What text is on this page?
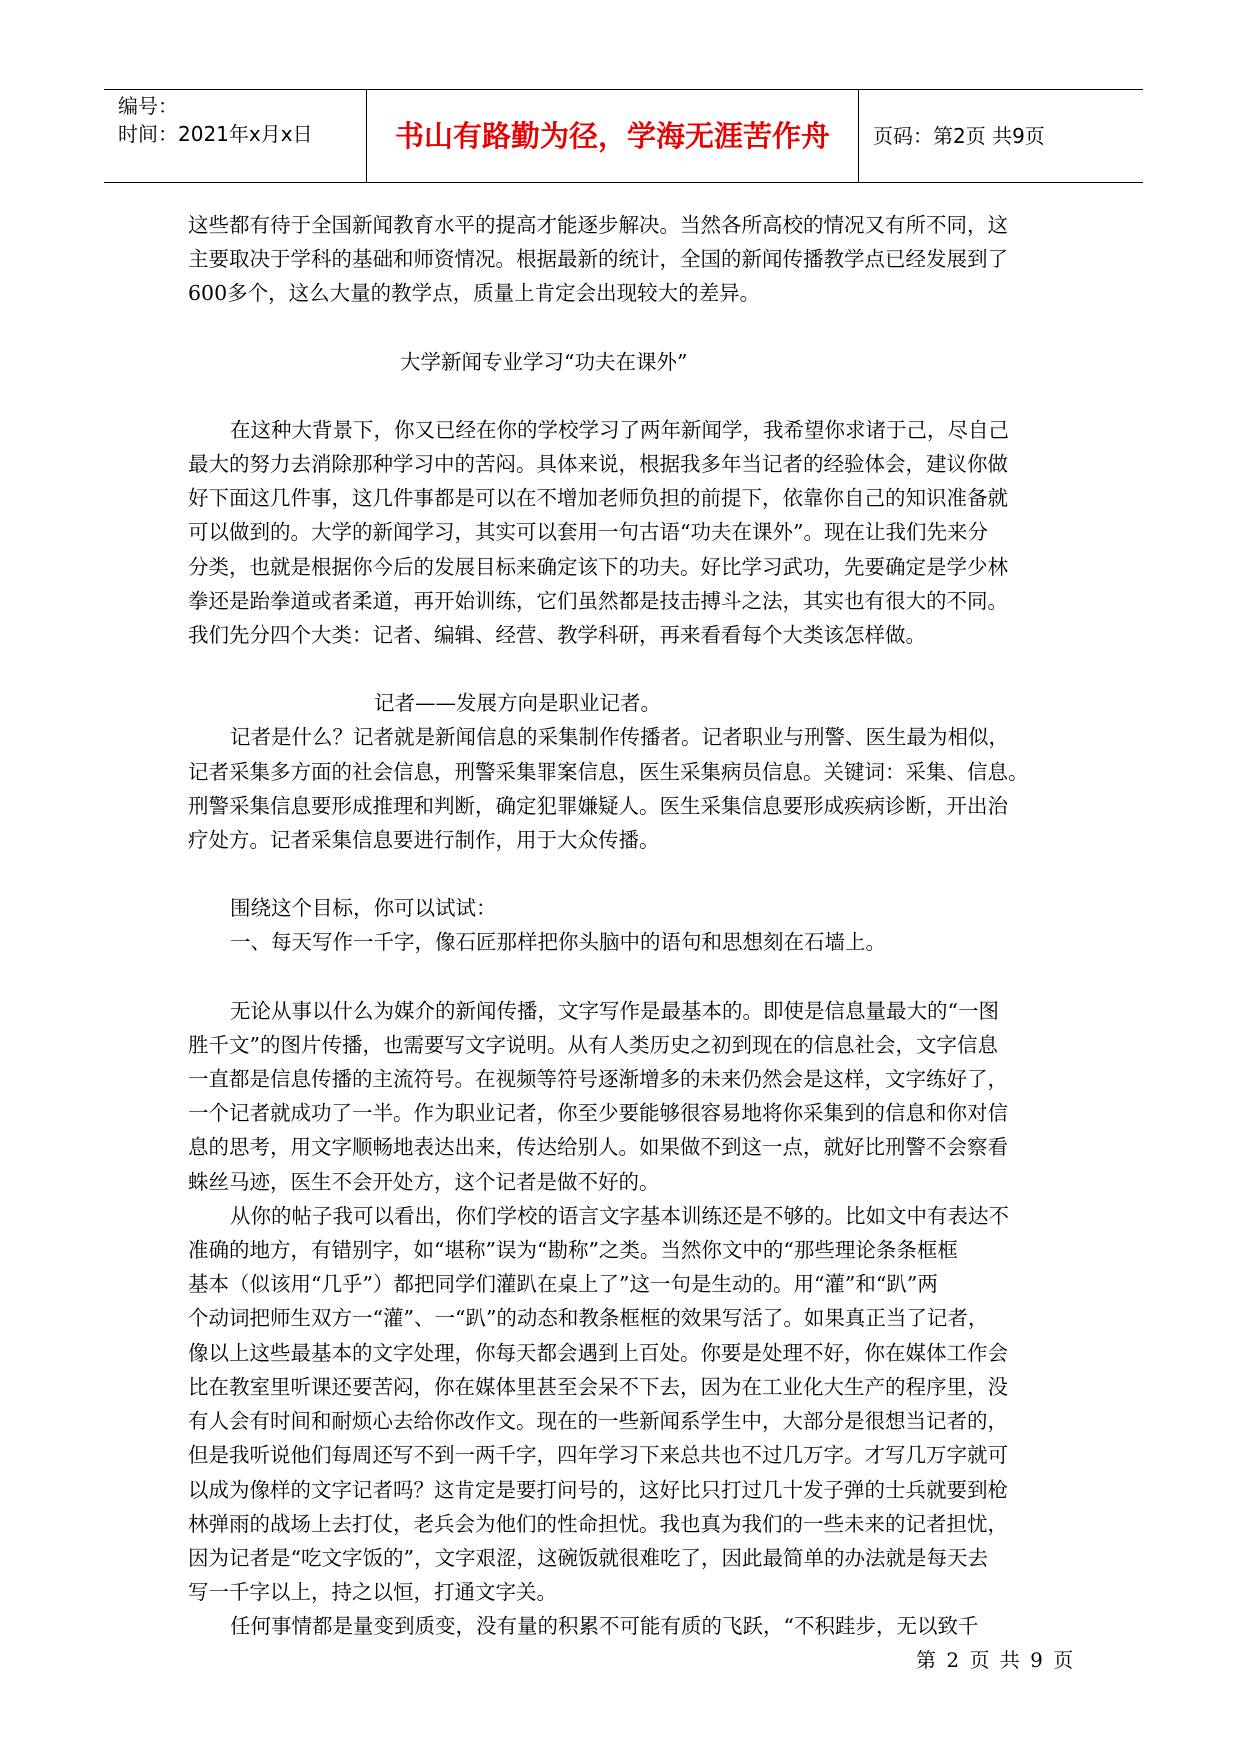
编号：
时间：2021年x月x日	书山有路勤为径，学海无涯苦作舟	页码：第2页 共9页

这些都有待于全国新闻教育水平的提高才能逐步解决。当然各所高校的情况又有所不同，这

主要取决于学科的基础和师资情况。根据最新的统计，全国的新闻传播教学点已经发展到了

600多个，这么大量的教学点，质量上肯定会出现较大的差异。

大学新闻专业学习“功夫在课外”

在这种大背景下，你又已经在你的学校学习了两年新闻学，我希望你求诸于己，尽自己

最大的努力去消除那种学习中的苦闷。具体来说，根据我多年当记者的经验体会，建议你做

好下面这几件事，这几件事都是可以在不增加老师负担的前提下，依靠你自己的知识准备就

可以做到的。大学的新闻学习，其实可以套用一句古语“功夫在课外”。现在让我们先来分

分类，也就是根据你今后的发展目标来确定该下的功夫。好比学习武功，先要确定是学少林

拳还是跆拳道或者柔道，再开始训练，它们虽然都是技击搏斗之法，其实也有很大的不同。

我们先分四个大类：记者、编辑、经营、教学科研，再来看看每个大类该怎样做。

记者——发展方向是职业记者。

记者是什么？记者就是新闻信息的采集制作传播者。记者职业与刑警、医生最为相似，

记者采集多方面的社会信息，刑警采集罪案信息，医生采集病员信息。关键词：采集、信息。

刑警采集信息要形成推理和判断，确定犯罪嫌疑人。医生采集信息要形成疾病诊断，开出治

疗处方。记者采集信息要进行制作，用于大众传播。

围绕这个目标，你可以试试：

一、每天写作一千字，像石匠那样把你头脑中的语句和思想刻在石墙上。

无论从事以什么为媒介的新闻传播，文字写作是最基本的。即使是信息量最大的“一图

胜千文”的图片传播，也需要写文字说明。从有人类历史之初到现在的信息社会，文字信息

一直都是信息传播的主流符号。在视频等符号逐渐增多的未来仍然会是这样，文字练好了，

一个记者就成功了一半。作为职业记者，你至少要能够很容易地将你采集到的信息和你对信

息的思考，用文字顺畅地表达出来，传达给别人。如果做不到这一点，就好比刑警不会察看

蛛丝马迹，医生不会开处方，这个记者是做不好的。

从你的帖子我可以看出，你们学校的语言文字基本训练还是不够的。比如文中有表达不

准确的地方，有错别字，如“堪称”误为“勘称”之类。当然你文中的“那些理论条条框框

基本（似该用“几乎”）都把同学们灌趴在桌上了”这一句是生动的。用“灌”和“趴”两

个动词把师生双方一“灌”、一“趴”的动态和教条框框的效果写活了。如果真正当了记者，

像以上这些最基本的文字处理，你每天都会遇到上百处。你要是处理不好，你在媒体工作会

比在教室里听课还要苦闷，你在媒体里甚至会呆不下去，因为在工业化大生产的程序里，没

有人会有时间和耐烦心去给你改作文。现在的一些新闻系学生中，大部分是很想当记者的，

但是我听说他们每周还写不到一两千字，四年学习下来总共也不过几万字。才写几万字就可

以成为像样的文字记者吗？这肯定是要打问号的，这好比只打过几十发子弹的士兵就要到枪

林弹雨的战场上去打仗，老兵会为他们的性命担忧。我也真为我们的一些未来的记者担忧，

因为记者是“吃文字饭的”，文字艰涩，这碗饭就很难吃了，因此最简单的办法就是每天去

写一千字以上，持之以恒，打通文字关。

任何事情都是量变到质变，没有量的积累不可能有质的飞跃，“不积跬步，无以致千

第 2 页 共 9 页
